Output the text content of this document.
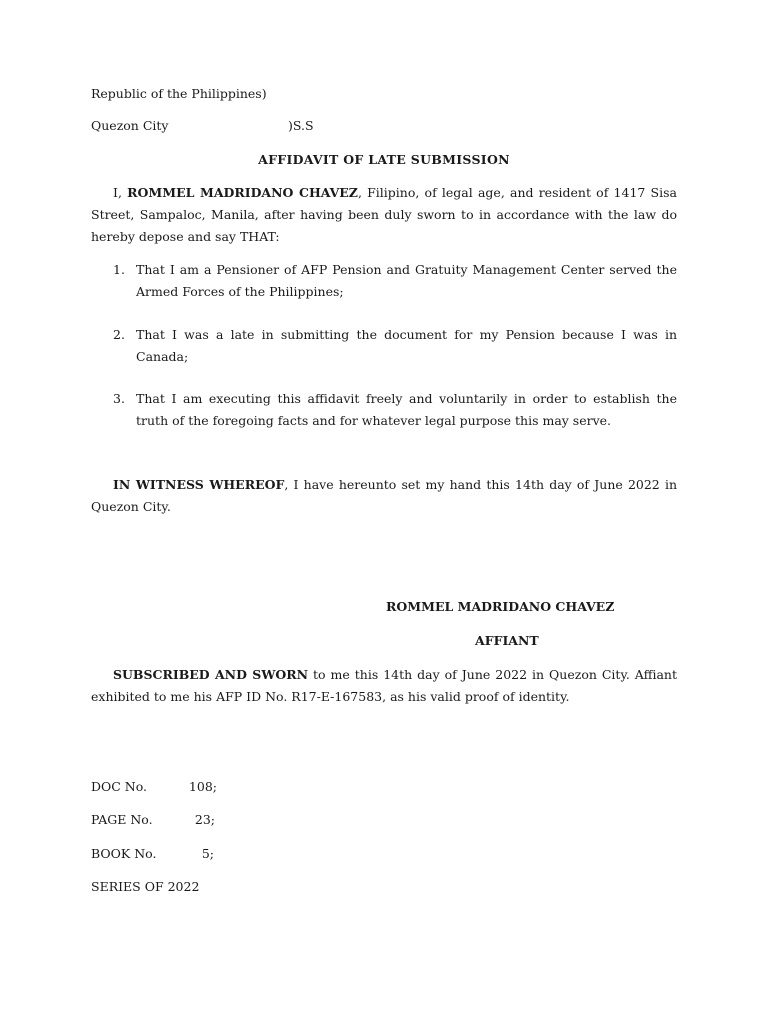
Republic of the Philippines)
Quezon City	)S.S
AFFIDAVIT OF LATE SUBMISSION
I, ROMMEL MADRIDANO CHAVEZ, Filipino, of legal age, and resident of 1417 Sisa Street, Sampaloc, Manila, after having been duly sworn to in accordance with the law do hereby depose and say THAT:
1. That I am a Pensioner of AFP Pension and Gratuity Management Center served the Armed Forces of the Philippines;
2. That I was a late in submitting the document for my Pension because I was in Canada;
3. That I am executing this affidavit freely and voluntarily in order to establish the truth of the foregoing facts and for whatever legal purpose this may serve.
IN WITNESS WHEREOF, I have hereunto set my hand this 14th day of June 2022 in Quezon City.
ROMMEL MADRIDANO CHAVEZ
AFFIANT
SUBSCRIBED AND SWORN to me this 14th day of June 2022 in Quezon City. Affiant exhibited to me his AFP ID No. R17-E-167583, as his valid proof of identity.
DOC No.	108;
PAGE No.	23;
BOOK No.	5;
SERIES OF 2022
